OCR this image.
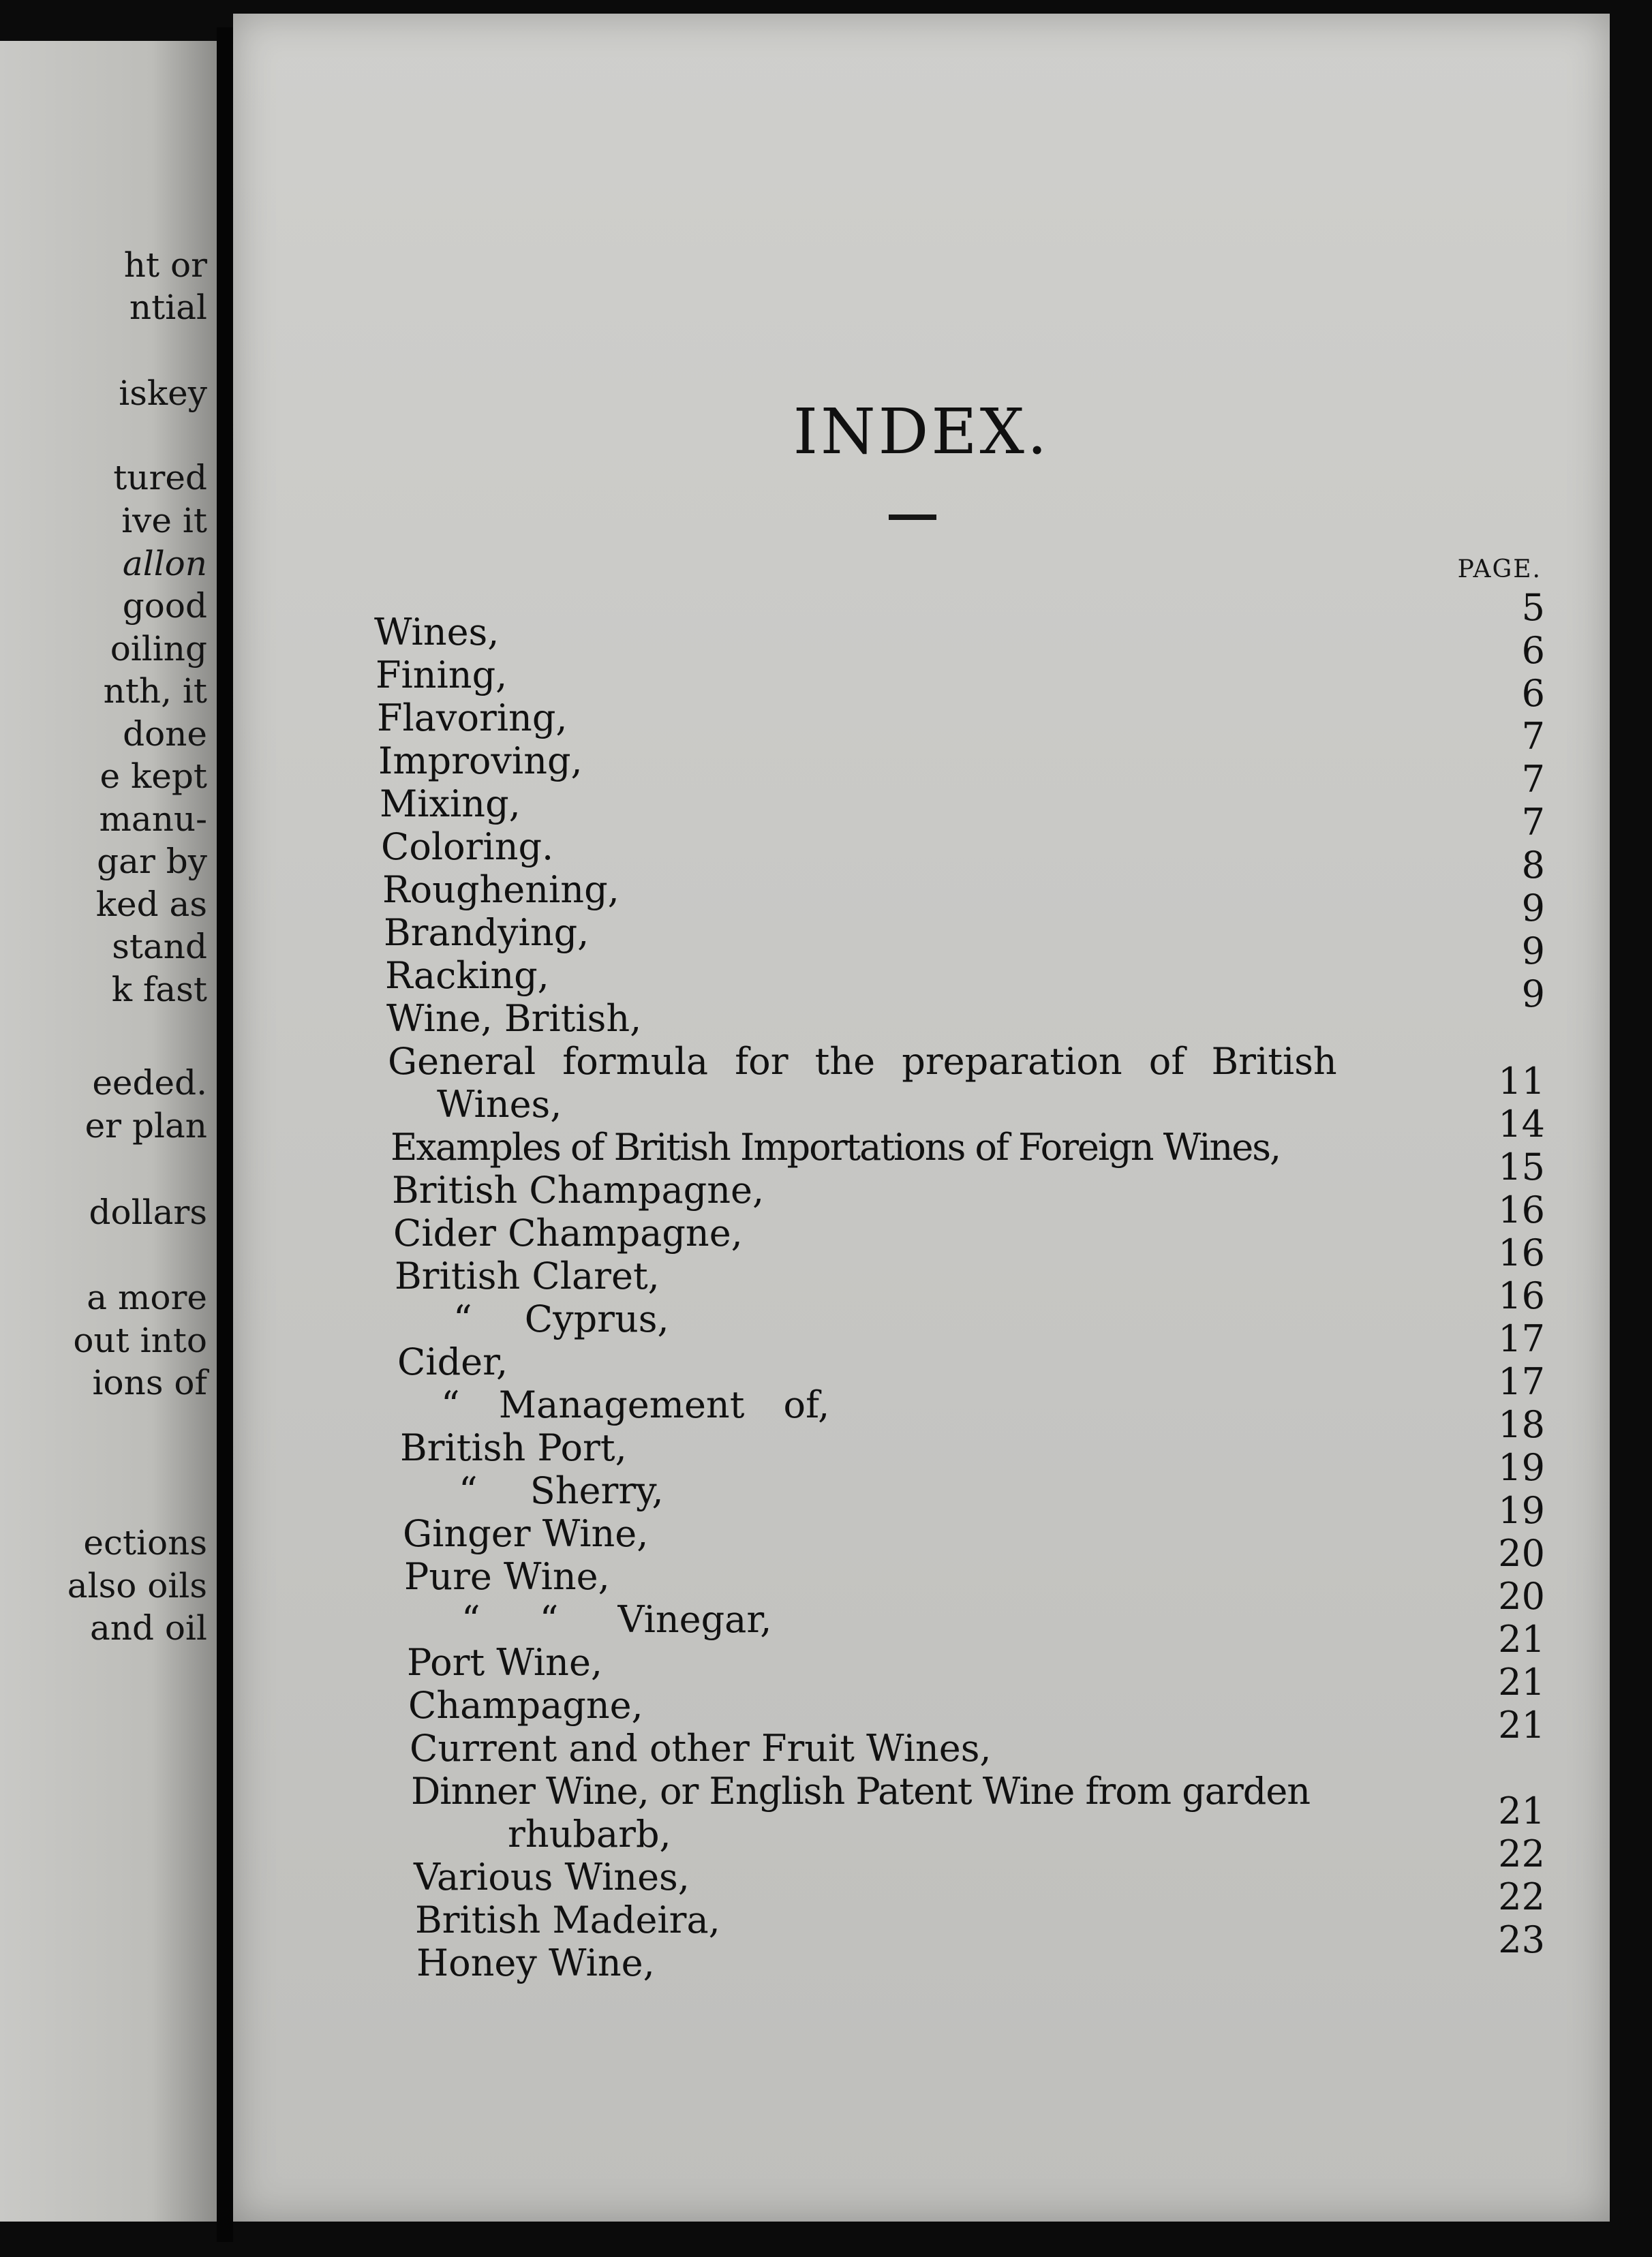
ht or
ntial
iskey
tured
ive it
allon
good
oiling
nth, it
done
e kept
manu-
gar by
ked as
stand
k fast
eeded.
er plan
dollars
a more
out into
ions of
ections
also oils
and oil
INDEX.
PAGE.
Wines,
Fining,
Flavoring,
Improving,
Mixing,
Coloring.
Roughening,
Brandying,
Racking,
Wine, British,
General formula for the preparation of British
Wines,
Examples of British Importations of Foreign Wines,
British Champagne,
Cider Champagne,
British Claret,
“ Cyprus,
Cider,
“ Management of,
British Port,
“ Sherry,
Ginger Wine,
Pure Wine,
“ “ Vinegar,
Port Wine,
Champagne,
Current and other Fruit Wines,
Dinner Wine, or English Patent Wine from garden
rhubarb,
Various Wines,
British Madeira,
Honey Wine,
5
6
6
7
7
7
8
9
9
9
11
14
15
16
16
16
17
17
18
19
19
20
20
21
21
21
21
22
22
23
